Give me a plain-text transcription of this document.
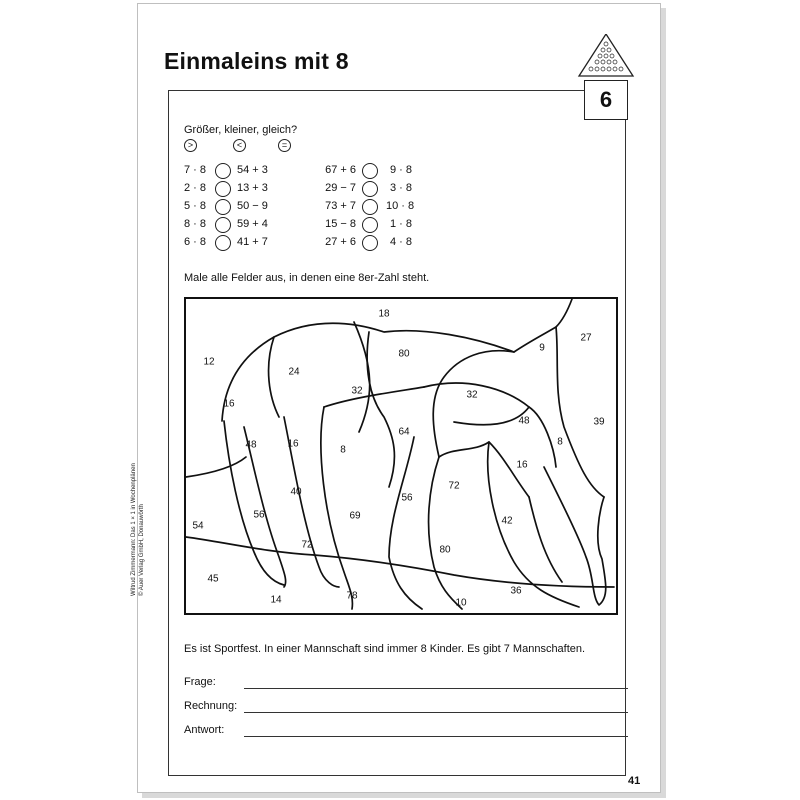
Einmaleins mit 8
6
Größer, kleiner, gleich?
>	<	=
7 · 8	54 + 3
2 · 8	13 + 3
5 · 8	50 − 9
8 · 8	59 + 4
6 · 8	41 + 7
67 + 6	9 · 8
29 − 7	3 · 8
73 + 7	10 · 8
15 − 8	1 · 8
27 + 6	4 · 8
Male alle Felder aus, in denen eine 8er-Zahl steht.
18
27
12
80
9
24
32	32
16
39
48	16
8
64
48
8
16
40
56
72
54
56	69	42
72	80
45
36
14	78
10
Es ist Sportfest. In einer Mannschaft sind immer 8 Kinder. Es gibt 7 Mannschaften.
Frage:
Rechnung:
Antwort:
Wiltrud Zimmermann: Das 1 × 1 in Wochenplänen © Auer Verlag GmbH, Donauwörth
41
